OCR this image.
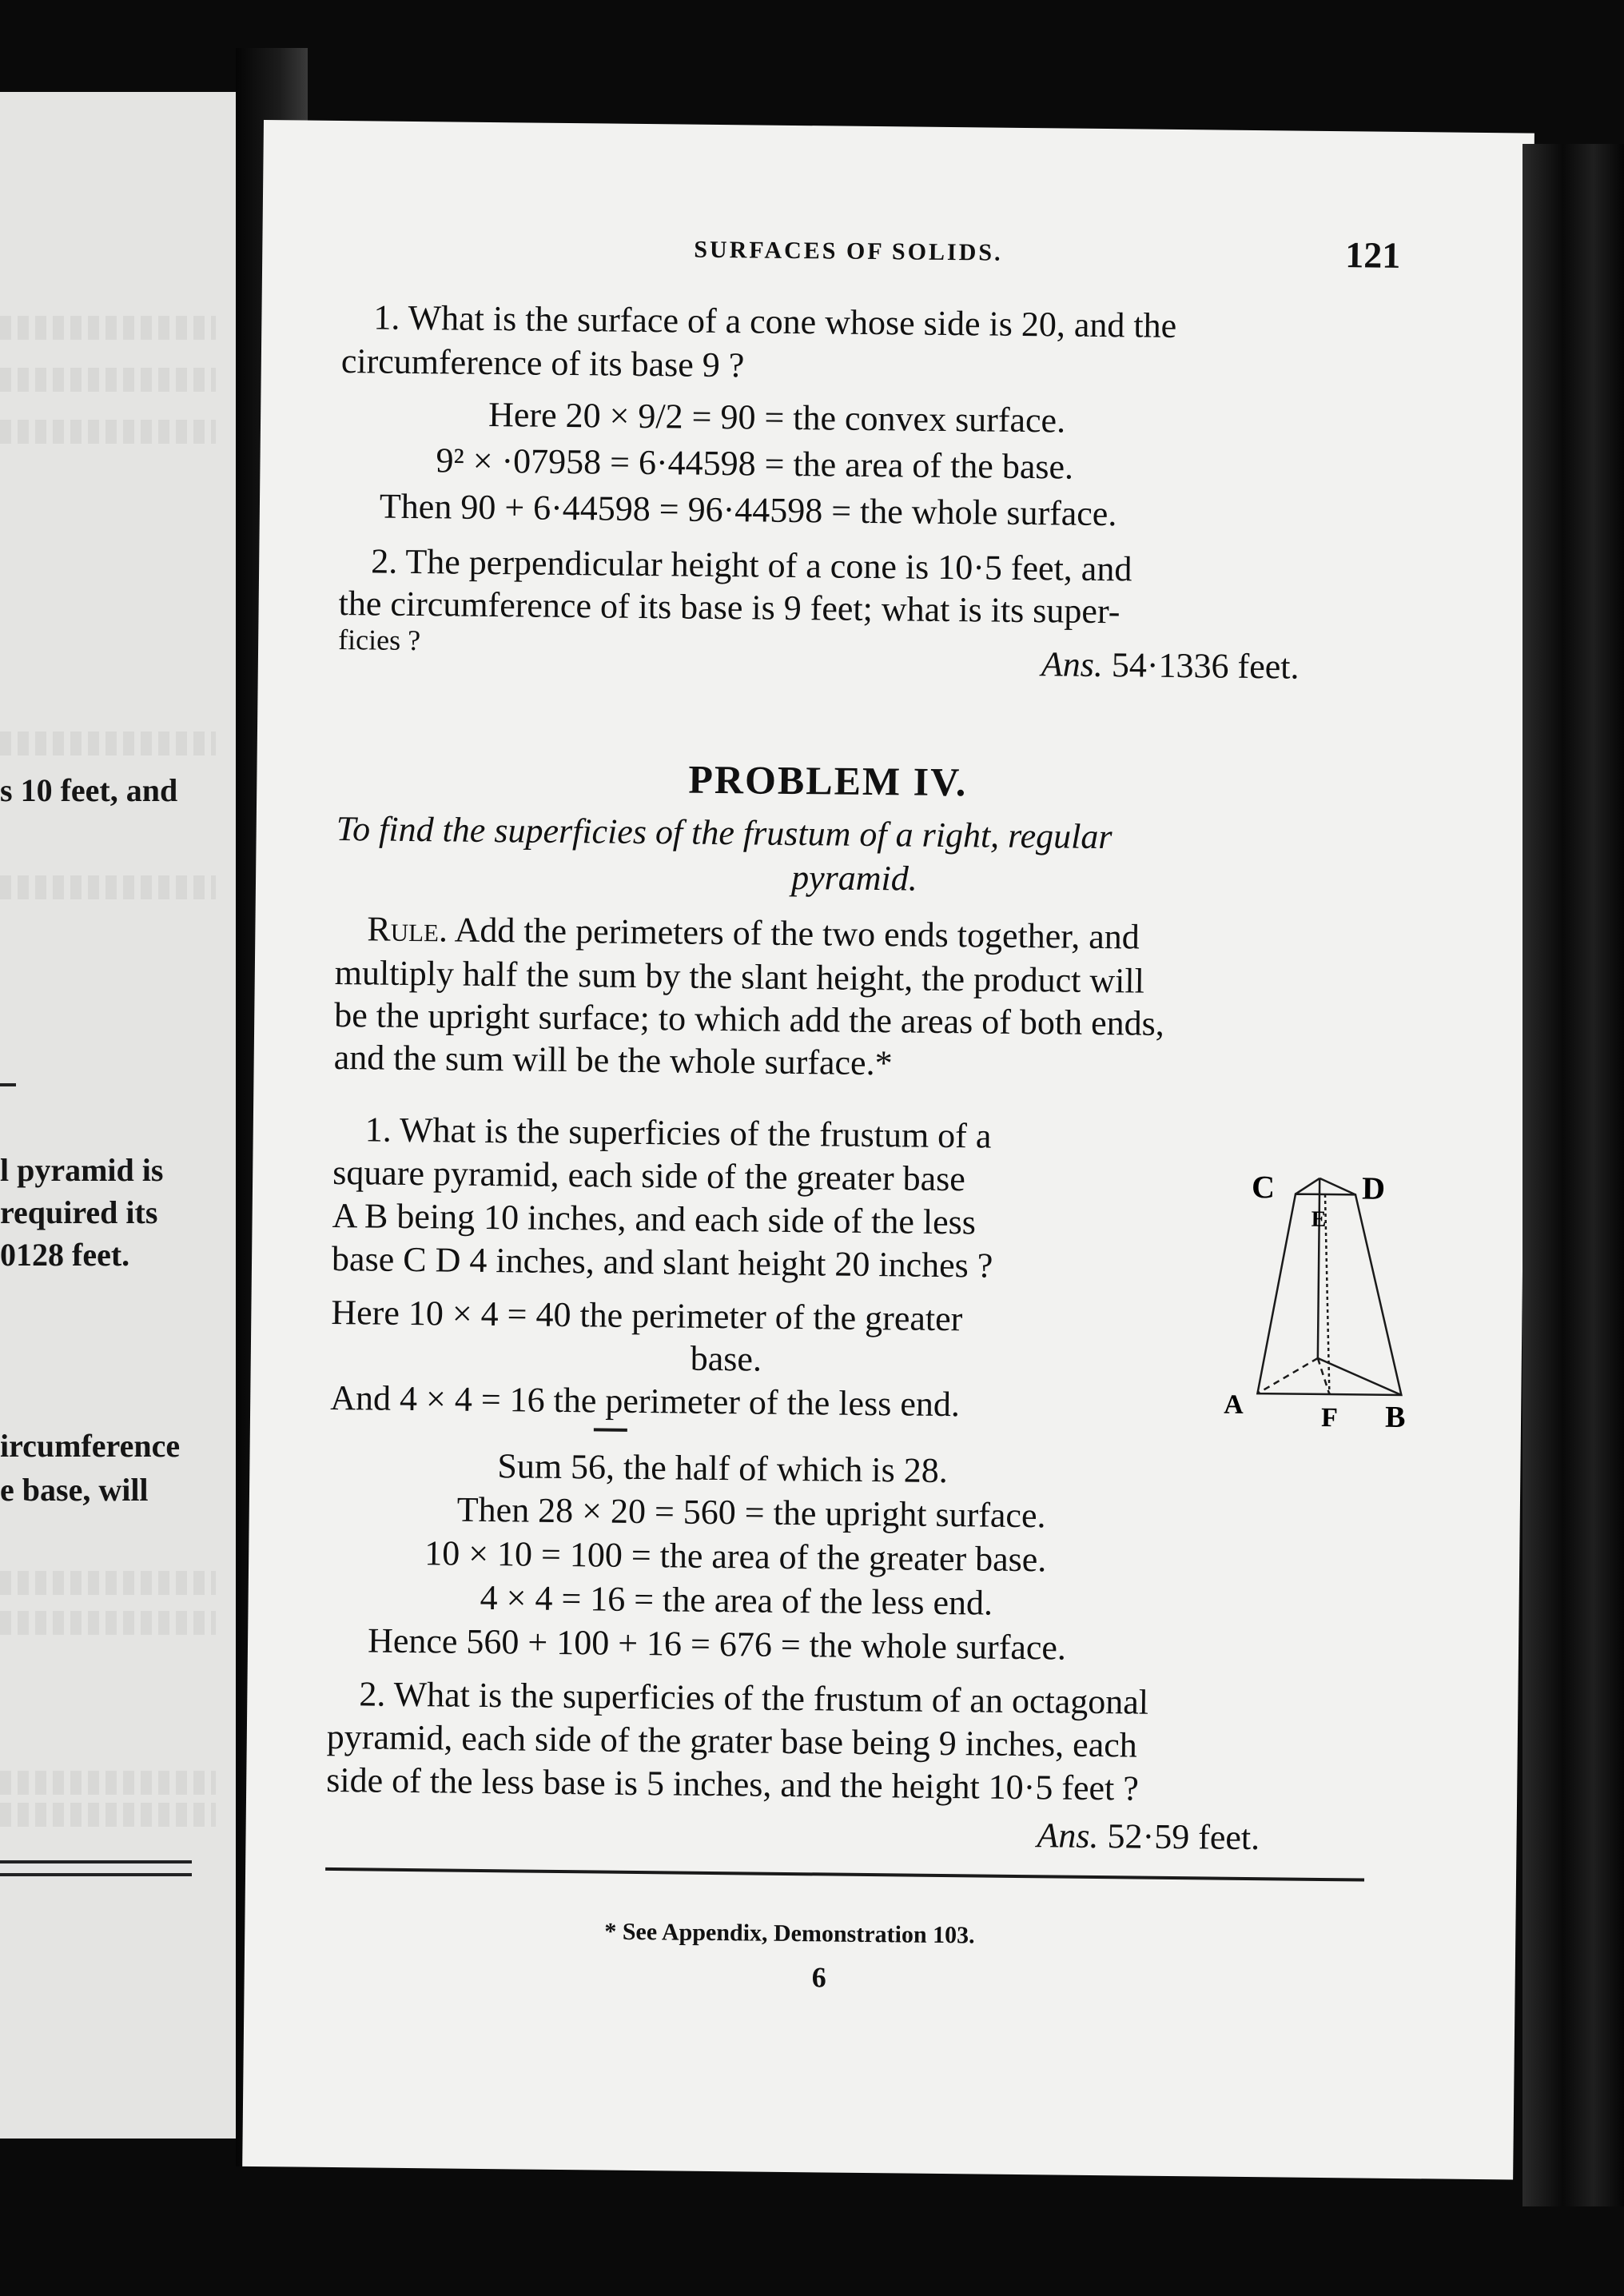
s 10 feet, and
l pyramid is
required its
0128 feet.
ircumference
e base, will
SURFACES OF SOLIDS.	121
1. What is the surface of a cone whose side is 20, and the
circumference of its base 9 ?
Here 20 × 9/2 = 90 = the convex surface.
9² × ·07958 = 6·44598 = the area of the base.
Then 90 + 6·44598 = 96·44598 = the whole surface.
2. The perpendicular height of a cone is 10·5 feet, and
the circumference of its base is 9 feet; what is its super-
ficies ?
Ans. 54·1336 feet.
PROBLEM IV.
To find the superficies of the frustum of a right, regular
pyramid.
Rule. Add the perimeters of the two ends together, and
multiply half the sum by the slant height, the product will
be the upright surface; to which add the areas of both ends,
and the sum will be the whole surface.*
1. What is the superficies of the frustum of a
square pyramid, each side of the greater base
A B being 10 inches, and each side of the less
base C D 4 inches, and slant height 20 inches ?
Here 10 × 4 = 40 the perimeter of the greater
base.
And 4 × 4 = 16 the perimeter of the less end.
Sum 56, the half of which is 28.
Then 28 × 20 = 560 = the upright surface.
10 × 10 = 100 = the area of the greater base.
4 × 4 = 16 = the area of the less end.
Hence 560 + 100 + 16 = 676 = the whole surface.
C	D
E
A	F B
2. What is the superficies of the frustum of an octagonal
pyramid, each side of the grater base being 9 inches, each
side of the less base is 5 inches, and the height 10·5 feet ?
Ans. 52·59 feet.
* See Appendix, Demonstration 103.
6
